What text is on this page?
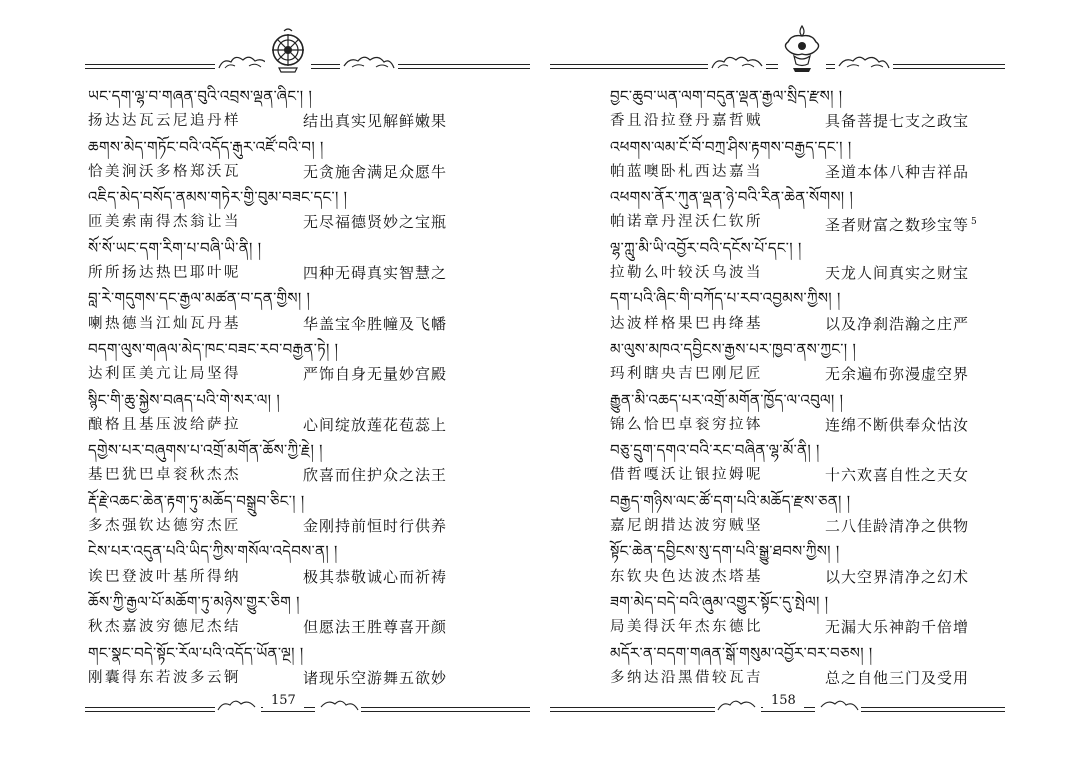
ཡང་དག་ལྷ་བ་གཞན་བུའི་འབྲས་ལྡན་ཞིང་། །
扬达达瓦云尼追丹样	结出真实见解鲜嫩果
ཆགས་མེད་གཏོང་བའི་འདོད་རྒུར་འཛོ་བའི་བ། །
恰美涧沃多格郑沃瓦	无贪施舍满足众愿牛
འཇིད་མེད་བསོད་ནམས་གཏེར་གྱི་བུམ་བཟང་དང་། །
匝美索南得杰翁让当	无尽福德贤妙之宝瓶
སོ་སོ་ཡང་དག་རིག་པ་བཞི་ཡི་ནི། །
所所扬达热巴耶叶呢	四种无碍真实智慧之
བླ་རེ་གདུགས་དང་རྒྱལ་མཚན་བ་དན་གྱིས། །
喇热德当江灿瓦丹基	华盖宝伞胜幢及飞幡
བདག་ལུས་གཞལ་མེད་ཁང་བཟང་རབ་བརྒྱན་ཏེ། །
达利匡美亢让局坚得	严饰自身无量妙宫殿
སྙིང་གི་ཆུ་སྐྱེས་བཞད་པའི་གེ་སར་ལ། །
酿格且基压波给萨拉	心间绽放莲花苞蕊上
དགྱེས་པར་བཞུགས་པ་འགྲོ་མགོན་ཆོས་ཀྱི་རྗེ། །
基巴犹巴卓衮秋杰杰	欣喜而住护众之法王
རྡོ་རྗེ་འཆང་ཆེན་རྟག་ཏུ་མཆོད་བསྒྲུབ་ཅིང་། །
多杰强钦达德穷杰匠	金刚持前恒时行供养
ངེས་པར་འདུན་པའི་ཡིད་ཀྱིས་གསོལ་འདེབས་ན། །
诶巴登波叶基所得纳	极其恭敬诚心而祈祷
ཆོས་ཀྱི་རྒྱལ་པོ་མཆོག་ཏུ་མཉེས་གྱུར་ཅིག །
秋杰嘉波穷德尼杰结	但愿法王胜尊喜开颜
གང་སྣང་བདེ་སྟོང་རོལ་པའི་འདོད་ཡོན་ལྔ། །
刚囊得东若波多云锕	诸现乐空游舞五欲妙
157
བྱང་ཆུབ་ཡན་ལག་བདུན་ལྡན་རྒྱལ་སྲིད་རྫས། །
香且沿拉登丹嘉哲贼	具备菩提七支之政宝
འཕགས་ལམ་ངོ་བོ་བཀྲ་ཤིས་རྟགས་བརྒྱད་དང་། །
帕蓝噢卧札西达嘉当	圣道本体八种吉祥品
འཕགས་ནོར་ཀུན་ལྡན་ཉེ་བའི་རིན་ཆེན་སོགས། །
帕诺章丹涅沃仁钦所	圣者财富之数珍宝等 $^5$
ལྷ་ཀླུ་མི་ཡི་འབྱོར་བའི་དངོས་པོ་དང་། །
拉勒么叶较沃乌波当	天龙人间真实之财宝
དག་པའི་ཞིང་གི་བཀོད་པ་རབ་འབྱམས་ཀྱིས། །
达波样格果巴冉绛基	以及净刹浩瀚之庄严
མ་ལུས་མཁའ་དབྱིངས་རྒྱས་པར་ཁྱབ་ནས་ཀྱང་། །
玛利瞎央吉巴刚尼匠	无余遍布弥漫虚空界
རྒྱུན་མི་འཆད་པར་འགྲོ་མགོན་ཁྱོད་ལ་འབུལ། །
锦么恰巴卓衮穷拉钵	连绵不断供奉众怙汝
བཅུ་དྲུག་དགའ་བའི་རང་བཞིན་ལྷ་མོ་ནི། །
借哲嘎沃让银拉姆呢	十六欢喜自性之天女
བརྒྱད་གཉིས་ལང་ཚོ་དག་པའི་མཆོད་རྫས་ཅན། །
嘉尼朗措达波穷贼坚	二八佳龄清净之供物
སྟོང་ཆེན་དབྱིངས་སུ་དག་པའི་སྒྱུ་ཐབས་ཀྱིས། །
东钦央色达波杰塔基	以大空界清净之幻术
ཟག་མེད་བདེ་བའི་ཞུམ་འགྱུར་སྟོང་དུ་སྤེལ། །
局美得沃年杰东德比	无漏大乐神韵千倍增
མདོར་ན་བདག་གཞན་སྒོ་གསུམ་འབྱོར་བར་བཅས། །
多纳达沿黑借较瓦吉	总之自他三门及受用
158
